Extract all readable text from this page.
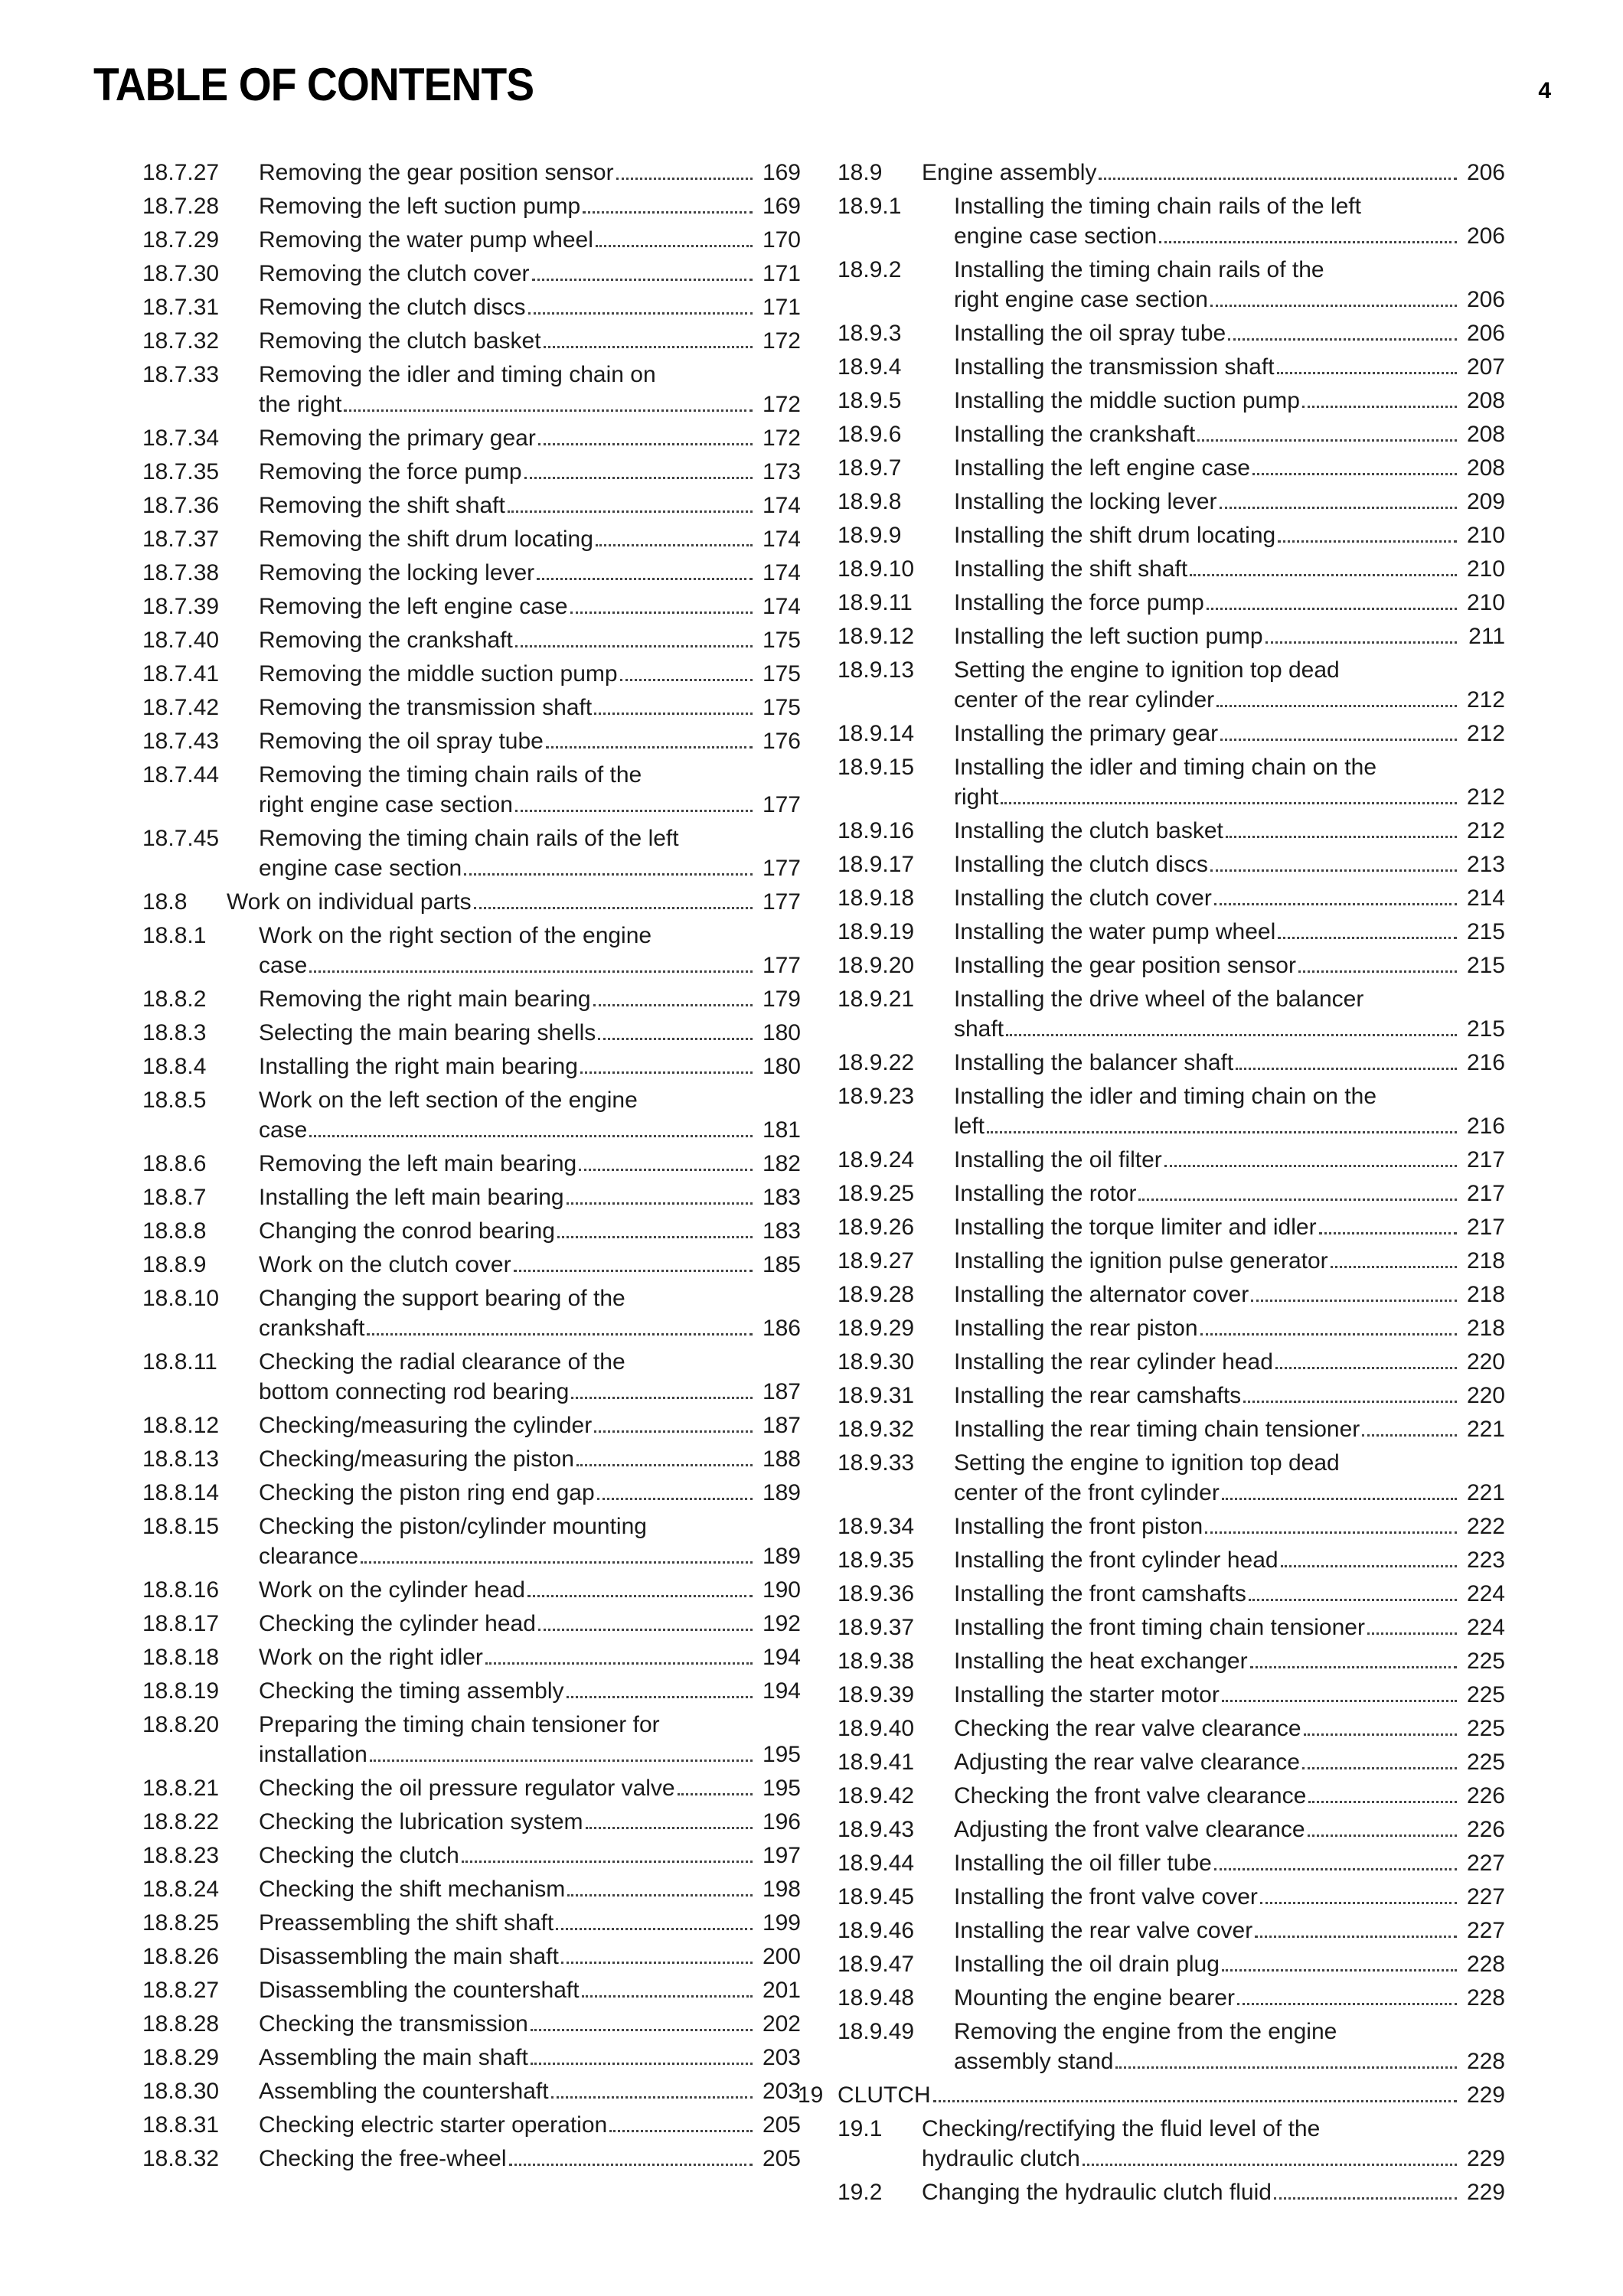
TABLE OF CONTENTS	4
18.7.27	Removing the gear position sensor	169
18.7.28	Removing the left suction pump	169
18.7.29	Removing the water pump wheel	170
18.7.30	Removing the clutch cover	171
18.7.31	Removing the clutch discs	171
18.7.32	Removing the clutch basket	172
18.7.33	Removing the idler and timing chain on
the right	172
18.7.34	Removing the primary gear	172
18.7.35	Removing the force pump	173
18.7.36	Removing the shift shaft	174
18.7.37	Removing the shift drum locating	174
18.7.38	Removing the locking lever	174
18.7.39	Removing the left engine case	174
18.7.40	Removing the crankshaft	175
18.7.41	Removing the middle suction pump	175
18.7.42	Removing the transmission shaft	175
18.7.43	Removing the oil spray tube	176
18.7.44	Removing the timing chain rails of the
right engine case section	177
18.7.45	Removing the timing chain rails of the left
engine case section	177
18.8	Work on individual parts	177
18.8.1	Work on the right section of the engine
case	177
18.8.2	Removing the right main bearing	179
18.8.3	Selecting the main bearing shells	180
18.8.4	Installing the right main bearing	180
18.8.5	Work on the left section of the engine
case	181
18.8.6	Removing the left main bearing	182
18.8.7	Installing the left main bearing	183
18.8.8	Changing the conrod bearing	183
18.8.9	Work on the clutch cover	185
18.8.10	Changing the support bearing of the
crankshaft	186
18.8.11	Checking the radial clearance of the
bottom connecting rod bearing	187
18.8.12	Checking/measuring the cylinder	187
18.8.13	Checking/measuring the piston	188
18.8.14	Checking the piston ring end gap	189
18.8.15	Checking the piston/cylinder mounting
clearance	189
18.8.16	Work on the cylinder head	190
18.8.17	Checking the cylinder head	192
18.8.18	Work on the right idler	194
18.8.19	Checking the timing assembly	194
18.8.20	Preparing the timing chain tensioner for
installation	195
18.8.21	Checking the oil pressure regulator valve	195
18.8.22	Checking the lubrication system	196
18.8.23	Checking the clutch	197
18.8.24	Checking the shift mechanism	198
18.8.25	Preassembling the shift shaft	199
18.8.26	Disassembling the main shaft	200
18.8.27	Disassembling the countershaft	201
18.8.28	Checking the transmission	202
18.8.29	Assembling the main shaft	203
18.8.30	Assembling the countershaft	203
18.8.31	Checking electric starter operation	205
18.8.32	Checking the free-wheel	205
18.9	Engine assembly	206
18.9.1	Installing the timing chain rails of the left
engine case section	206
18.9.2	Installing the timing chain rails of the
right engine case section	206
18.9.3	Installing the oil spray tube	206
18.9.4	Installing the transmission shaft	207
18.9.5	Installing the middle suction pump	208
18.9.6	Installing the crankshaft	208
18.9.7	Installing the left engine case	208
18.9.8	Installing the locking lever	209
18.9.9	Installing the shift drum locating	210
18.9.10	Installing the shift shaft	210
18.9.11	Installing the force pump	210
18.9.12	Installing the left suction pump	211
18.9.13	Setting the engine to ignition top dead
center of the rear cylinder	212
18.9.14	Installing the primary gear	212
18.9.15	Installing the idler and timing chain on the
right	212
18.9.16	Installing the clutch basket	212
18.9.17	Installing the clutch discs	213
18.9.18	Installing the clutch cover	214
18.9.19	Installing the water pump wheel	215
18.9.20	Installing the gear position sensor	215
18.9.21	Installing the drive wheel of the balancer
shaft	215
18.9.22	Installing the balancer shaft	216
18.9.23	Installing the idler and timing chain on the
left	216
18.9.24	Installing the oil filter	217
18.9.25	Installing the rotor	217
18.9.26	Installing the torque limiter and idler	217
18.9.27	Installing the ignition pulse generator	218
18.9.28	Installing the alternator cover	218
18.9.29	Installing the rear piston	218
18.9.30	Installing the rear cylinder head	220
18.9.31	Installing the rear camshafts	220
18.9.32	Installing the rear timing chain tensioner	221
18.9.33	Setting the engine to ignition top dead
center of the front cylinder	221
18.9.34	Installing the front piston	222
18.9.35	Installing the front cylinder head	223
18.9.36	Installing the front camshafts	224
18.9.37	Installing the front timing chain tensioner	224
18.9.38	Installing the heat exchanger	225
18.9.39	Installing the starter motor	225
18.9.40	Checking the rear valve clearance	225
18.9.41	Adjusting the rear valve clearance	225
18.9.42	Checking the front valve clearance	226
18.9.43	Adjusting the front valve clearance	226
18.9.44	Installing the oil filler tube	227
18.9.45	Installing the front valve cover	227
18.9.46	Installing the rear valve cover	227
18.9.47	Installing the oil drain plug	228
18.9.48	Mounting the engine bearer	228
18.9.49	Removing the engine from the engine
assembly stand	228
19 CLUTCH	229
19.1	Checking/rectifying the fluid level of the
hydraulic clutch	229
19.2	Changing the hydraulic clutch fluid	229
